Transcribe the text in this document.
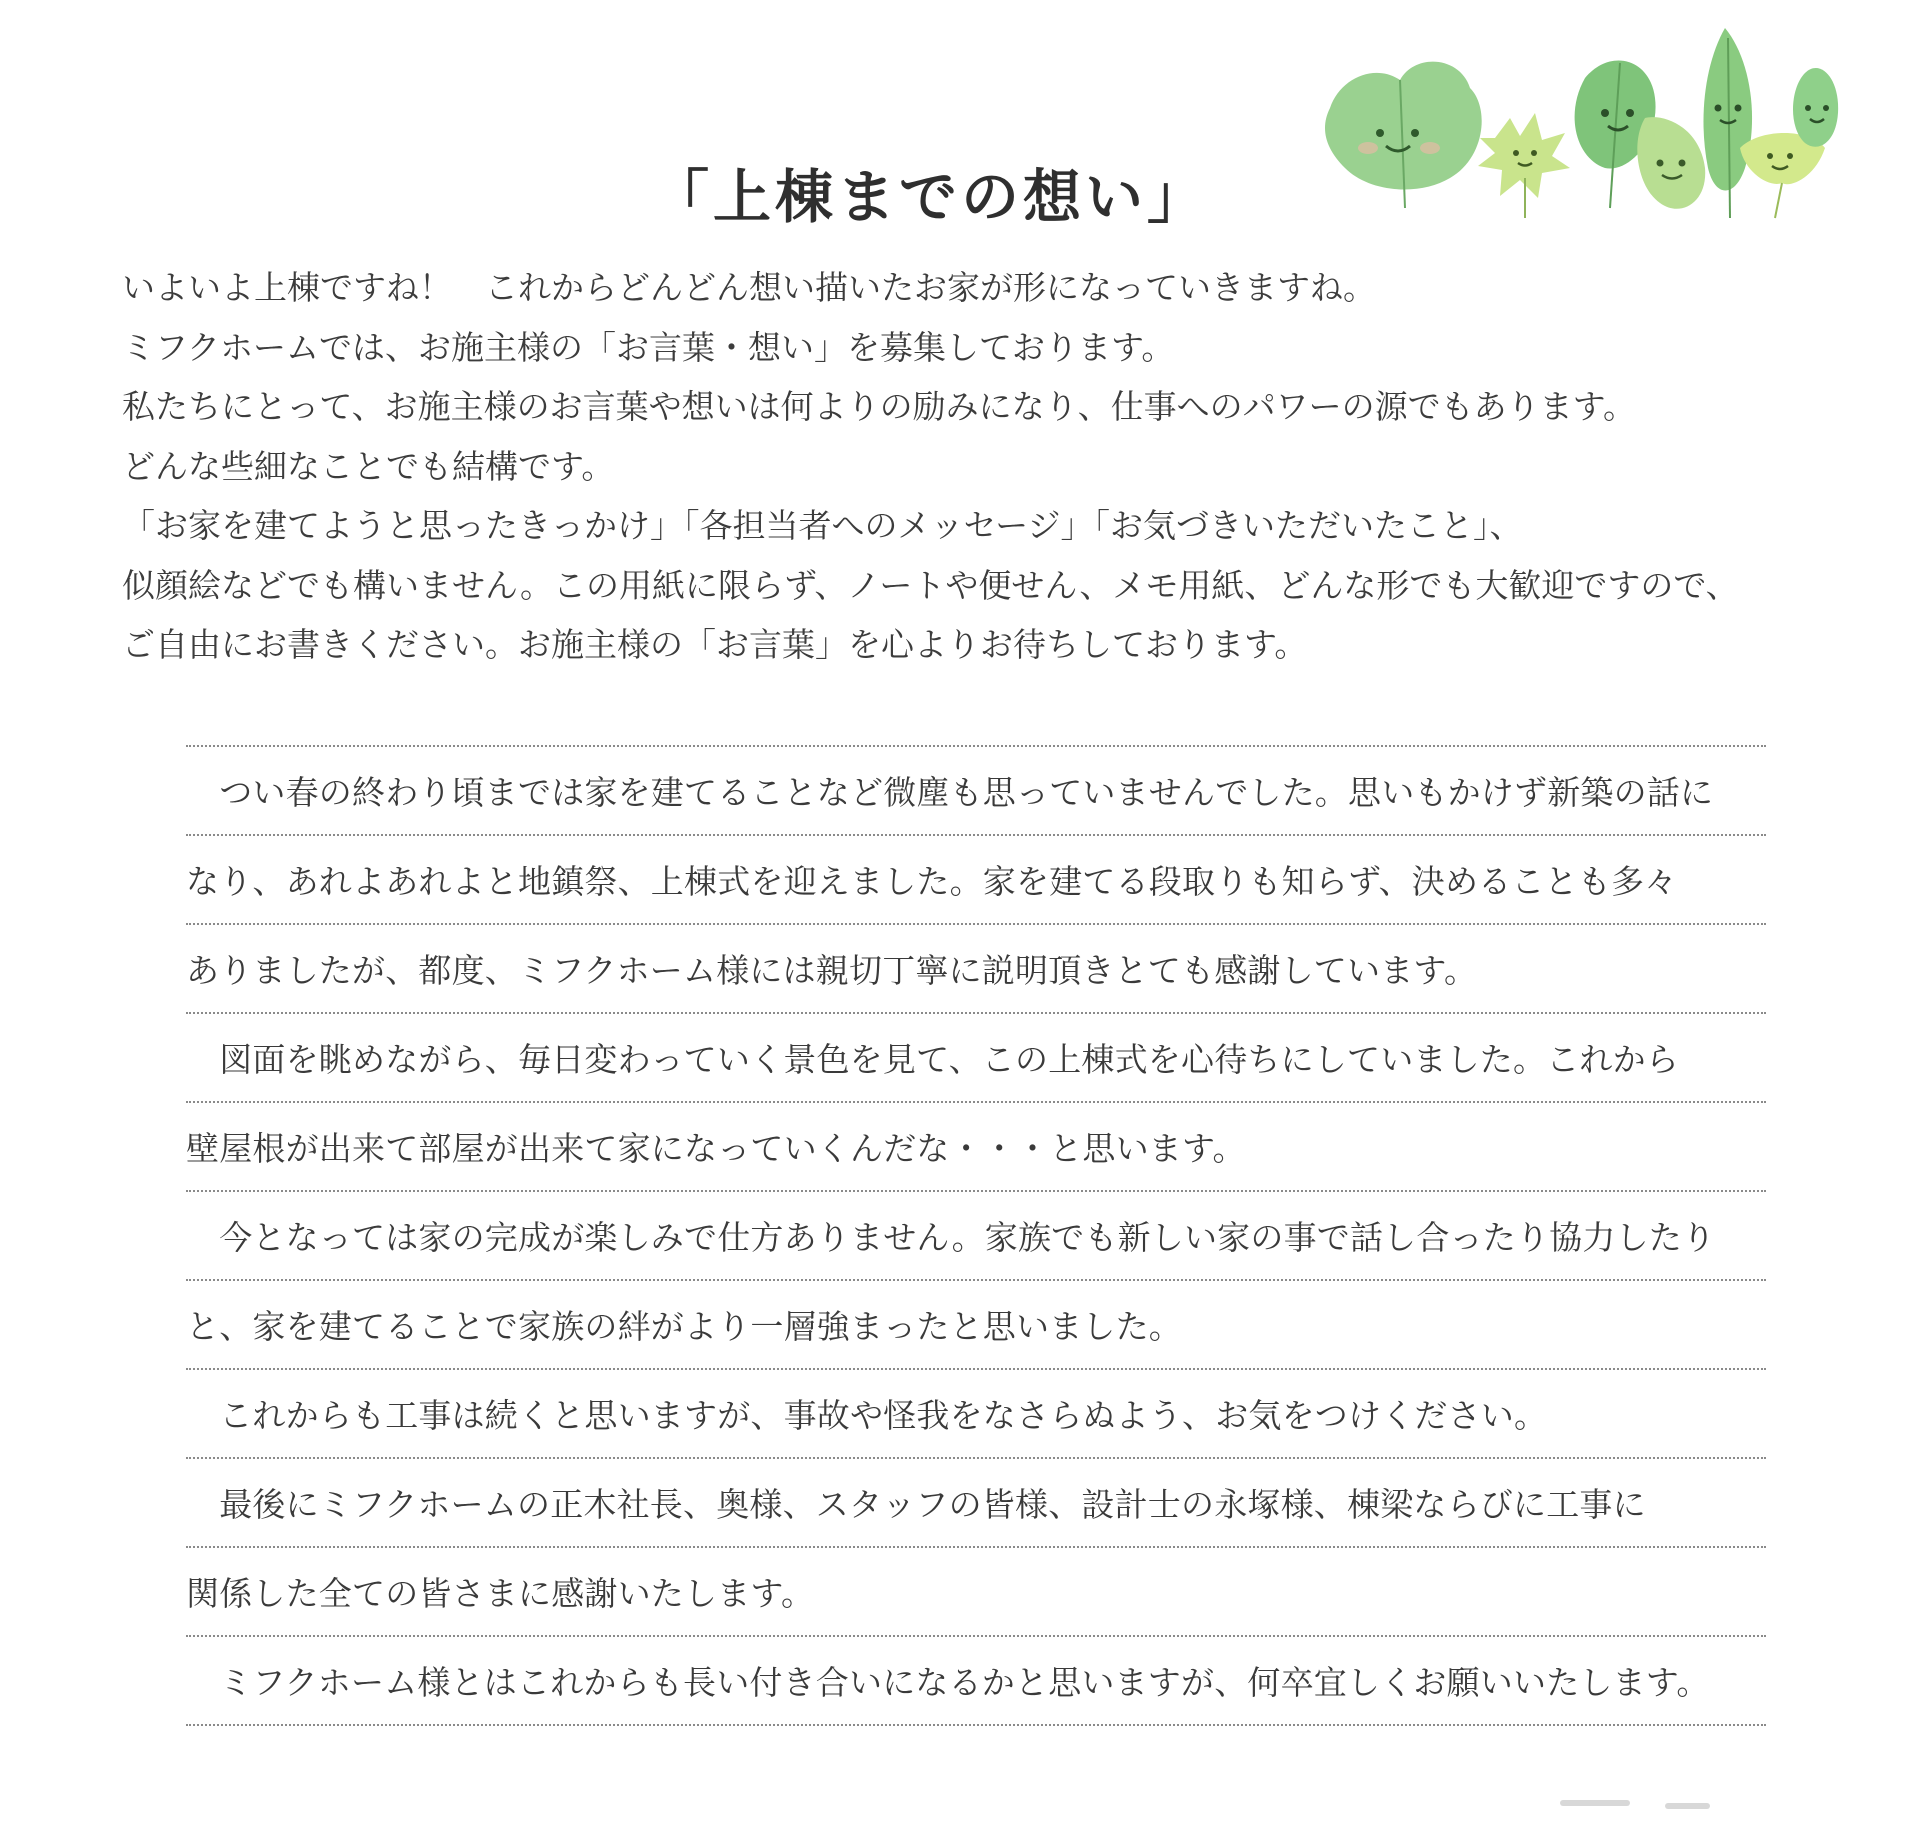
「上棟までの想い」

いよいよ上棟ですね！　これからどんどん想い描いたお家が形になっていきますね。

ミフクホームでは、お施主様の「お言葉・想い」を募集しております。

私たちにとって、お施主様のお言葉や想いは何よりの励みになり、仕事へのパワーの源でもあります。

どんな些細なことでも結構です。

「お家を建てようと思ったきっかけ」「各担当者へのメッセージ」「お気づきいただいたこと」、

似顔絵などでも構いません。この用紙に限らず、ノートや便せん、メモ用紙、どんな形でも大歓迎ですので、

ご自由にお書きください。お施主様の「お言葉」を心よりお待ちしております。

　つい春の終わり頃までは家を建てることなど微塵も思っていませんでした。思いもかけず新築の話に
なり、あれよあれよと地鎮祭、上棟式を迎えました。家を建てる段取りも知らず、決めることも多々
ありましたが、都度、ミフクホーム様には親切丁寧に説明頂きとても感謝しています。
　図面を眺めながら、毎日変わっていく景色を見て、この上棟式を心待ちにしていました。これから
壁屋根が出来て部屋が出来て家になっていくんだな・・・と思います。
　今となっては家の完成が楽しみで仕方ありません。家族でも新しい家の事で話し合ったり協力したり
と、家を建てることで家族の絆がより一層強まったと思いました。
　これからも工事は続くと思いますが、事故や怪我をなさらぬよう、お気をつけください。
　最後にミフクホームの正木社長、奥様、スタッフの皆様、設計士の永塚様、棟梁ならびに工事に
関係した全ての皆さまに感謝いたします。
　ミフクホーム様とはこれからも長い付き合いになるかと思いますが、何卒宜しくお願いいたします。
